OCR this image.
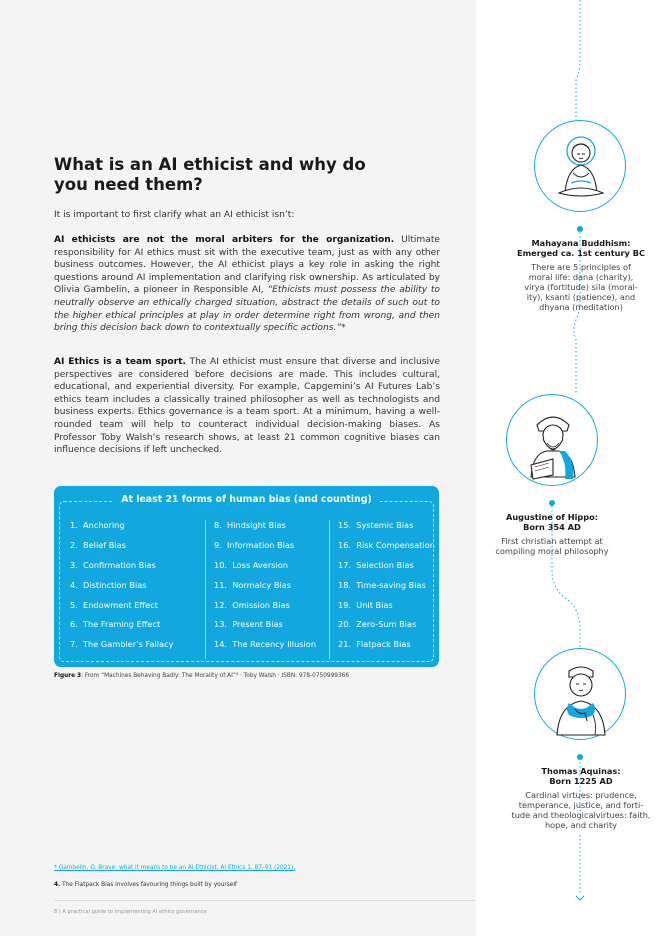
What is an AI ethicist and why do you need them?
It is important to first clarify what an AI ethicist isn’t:
AI ethicists are not the moral arbiters for the organization. Ultimate responsibility for AI ethics must sit with the executive team, just as with any other business outcomes. However, the AI ethicist plays a key role in asking the right questions around AI implementation and clarifying risk ownership. As articulated by Olivia Gambelin, a pioneer in Responsible AI, “Ethicists must possess the ability to neutrally observe an ethically charged situation, abstract the details of such out to the higher ethical principles at play in order determine right from wrong, and then bring this decision back down to contextually specific actions.”*
AI Ethics is a team sport. The AI ethicist must ensure that diverse and inclusive perspectives are considered before decisions are made. This includes cultural, educational, and experiential diversity. For example, Capgemini’s AI Futures Lab’s ethics team includes a classically trained philosopher as well as technologists and business experts. Ethics governance is a team sport. At a minimum, having a well-rounded team will help to counteract individual decision-making biases. As Professor Toby Walsh’s research shows, at least 21 common cognitive biases can influence decisions if left unchecked.
At least 21 forms of human bias (and counting)
1. Anchoring
2. Belief Bias
3. Confirmation Bias
4. Distinction Bias
5. Endowment Effect
6. The Framing Effect
7. The Gambler’s Fallacy
8. Hindsight Bias
9. Information Bias
10. Loss Aversion
11. Normalcy Bias
12. Omission Bias
13. Present Bias
14. The Recency Illusion
15. Systemic Bias
16. Risk Compensation
17. Selection Bias
18. Time-saving Bias
19. Unit Bias
20. Zero-Sum Bias
21. Flatpack Bias
Figure 3: From “Machines Behaving Badly: The Morality of AI”⁴ · Toby Walsh · ISBN: 978-0750999366
* Gambelin, O. Brave: what it means to be an AI Ethicist. AI Ethics 1, 87–91 (2021).
4. The Flatpack Bias involves favouring things built by yourself
8 | A practical guide to implementing AI ethics governance
Mahayana Buddhism:
Emerged ca. 1st century BC
There are 5 principles of
moral life: dana (charity),
virya (fortitude) sila (moral-
ity), ksanti (patience), and
dhyana (meditation)
Augustine of Hippo:
Born 354 AD
First christian attempt at
compiling moral philosophy
Thomas Aquinas:
Born 1225 AD
Cardinal virtues: prudence,
temperance, justice, and forti-
tude and theologicalvirtues: faith,
hope, and charity
